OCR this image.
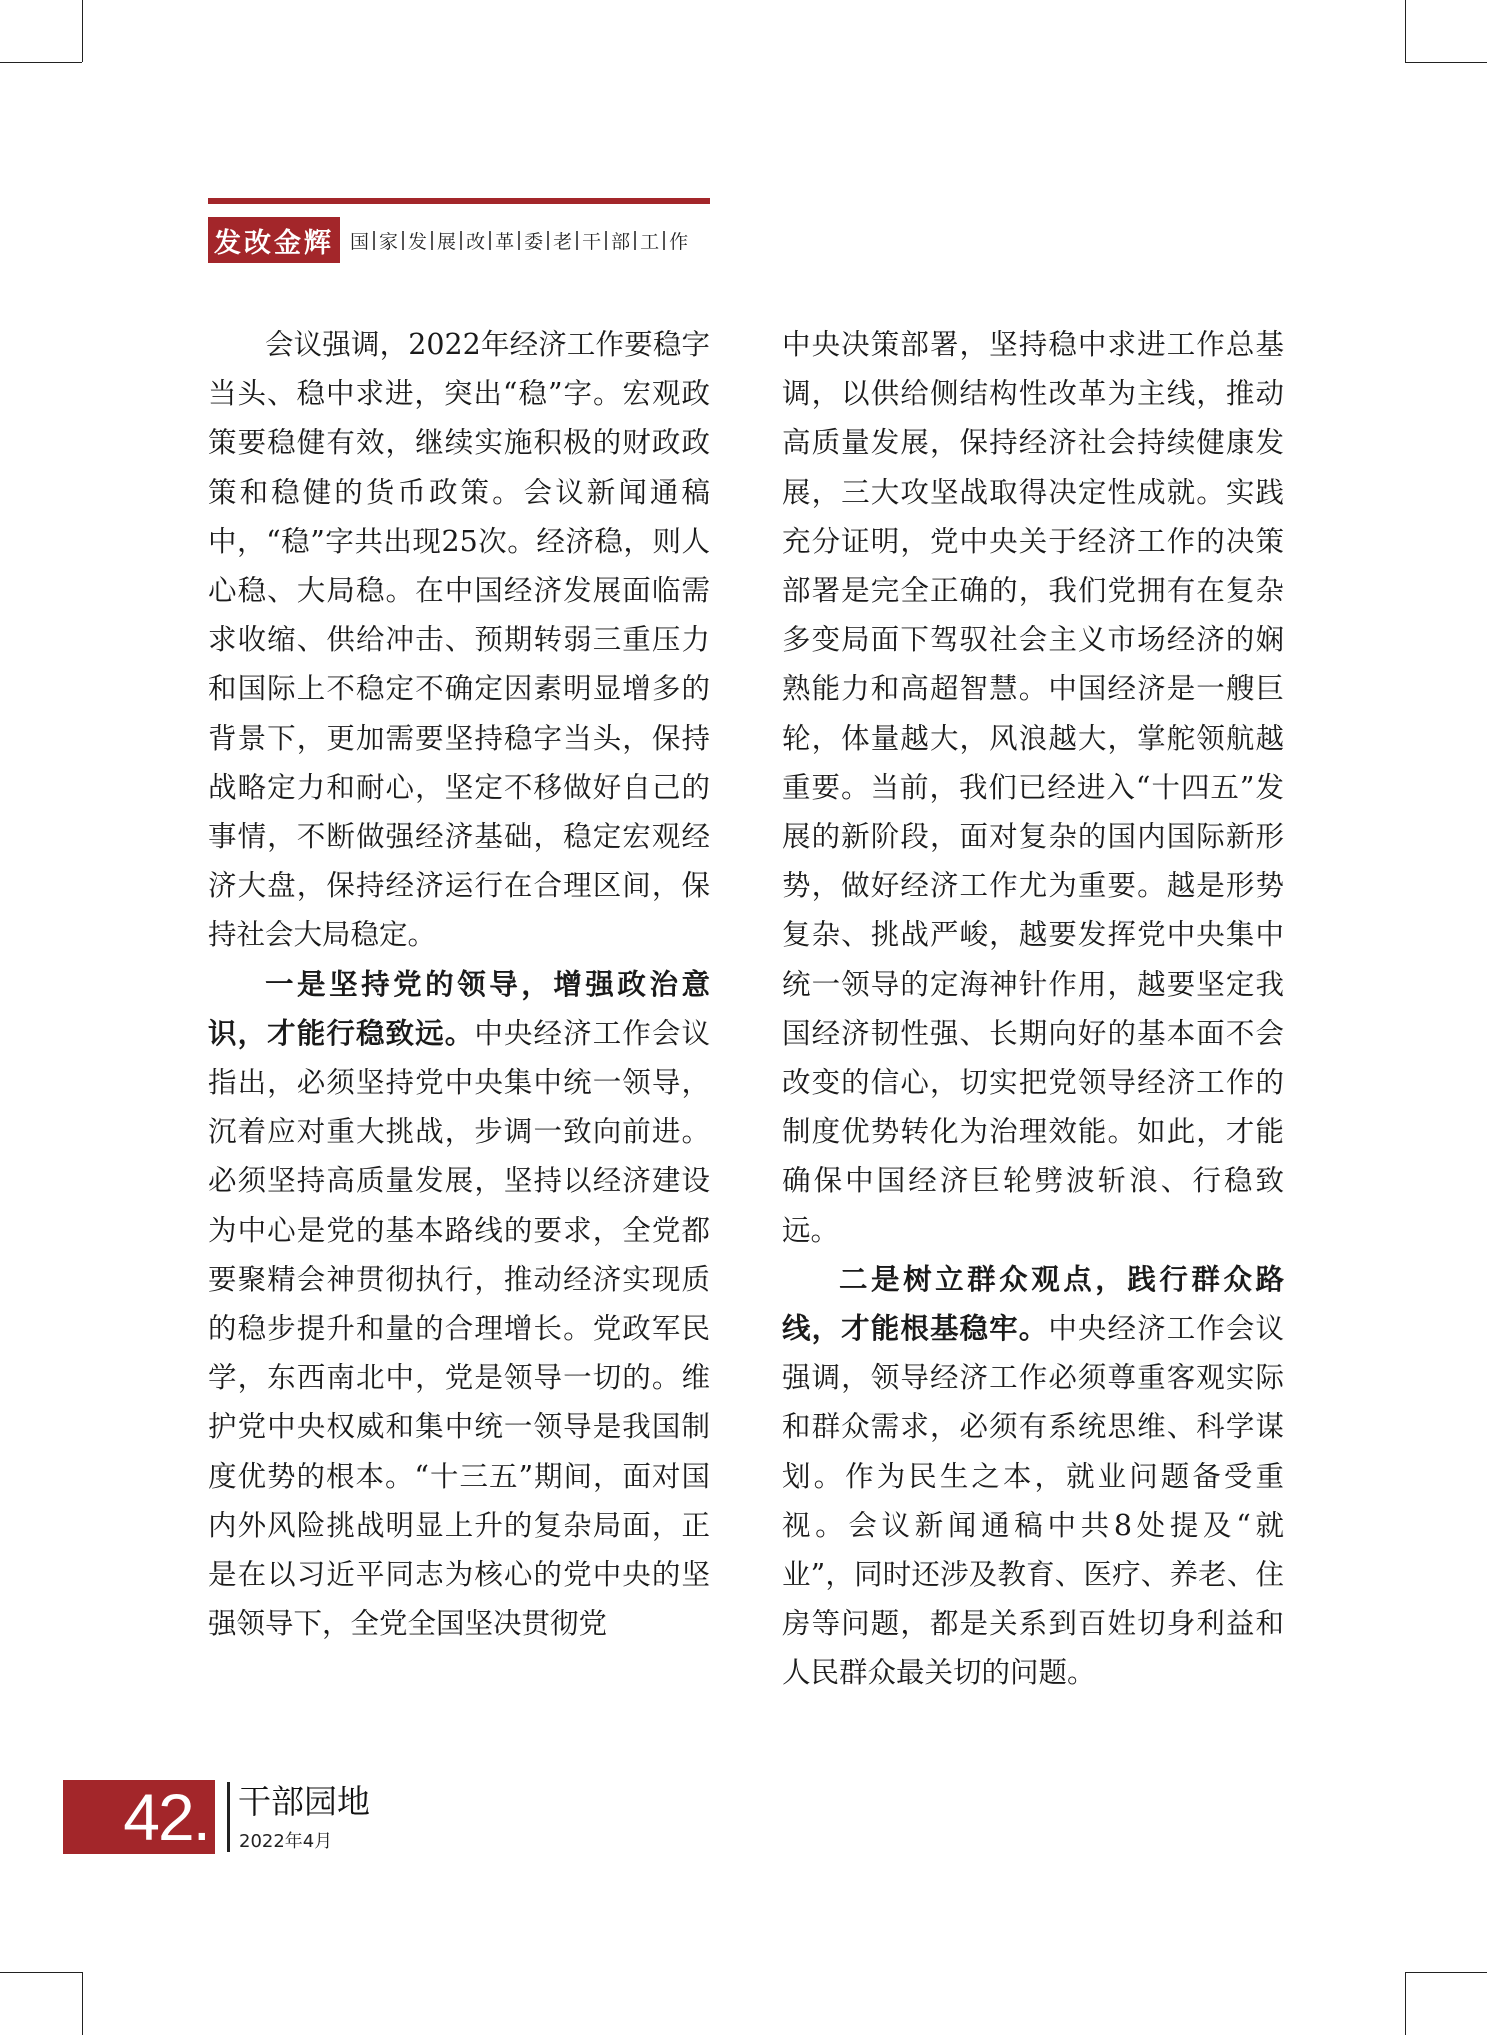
发改金辉 国 家 发 展 改 革 委 老 干 部 工 作

会议强调，2022年经济工作要稳字当头、稳中求进，突出“稳”字。宏观政策要稳健有效，继续实施积极的财政政策和稳健的货币政策。会议新闻通稿中，“稳”字共出现25次。经济稳，则人心稳、大局稳。在中国经济发展面临需求收缩、供给冲击、预期转弱三重压力和国际上不稳定不确定因素明显增多的背景下，更加需要坚持稳字当头，保持战略定力和耐心，坚定不移做好自己的事情，不断做强经济基础，稳定宏观经济大盘，保持经济运行在合理区间，保持社会大局稳定。

一是坚持党的领导，增强政治意识，才能行稳致远。中央经济工作会议指出，必须坚持党中央集中统一领导，沉着应对重大挑战，步调一致向前进。必须坚持高质量发展，坚持以经济建设为中心是党的基本路线的要求，全党都要聚精会神贯彻执行，推动经济实现质的稳步提升和量的合理增长。党政军民学，东西南北中，党是领导一切的。维护党中央权威和集中统一领导是我国制度优势的根本。“十三五”期间，面对国内外风险挑战明显上升的复杂局面，正是在以习近平同志为核心的党中央的坚强领导下，全党全国坚决贯彻党

中央决策部署，坚持稳中求进工作总基调，以供给侧结构性改革为主线，推动高质量发展，保持经济社会持续健康发展，三大攻坚战取得决定性成就。实践充分证明，党中央关于经济工作的决策部署是完全正确的，我们党拥有在复杂多变局面下驾驭社会主义市场经济的娴熟能力和高超智慧。中国经济是一艘巨轮，体量越大，风浪越大，掌舵领航越重要。当前，我们已经进入“十四五”发展的新阶段，面对复杂的国内国际新形势，做好经济工作尤为重要。越是形势复杂、挑战严峻，越要发挥党中央集中统一领导的定海神针作用，越要坚定我国经济韧性强、长期向好的基本面不会改变的信心，切实把党领导经济工作的制度优势转化为治理效能。如此，才能确保中国经济巨轮劈波斩浪、行稳致远。

二是树立群众观点，践行群众路线，才能根基稳牢。中央经济工作会议强调，领导经济工作必须尊重客观实际和群众需求，必须有系统思维、科学谋划。作为民生之本，就业问题备受重视。会议新闻通稿中共8处提及“就业”，同时还涉及教育、医疗、养老、住房等问题，都是关系到百姓切身利益和人民群众最关切的问题。

42. 干部园地
2022年4月
